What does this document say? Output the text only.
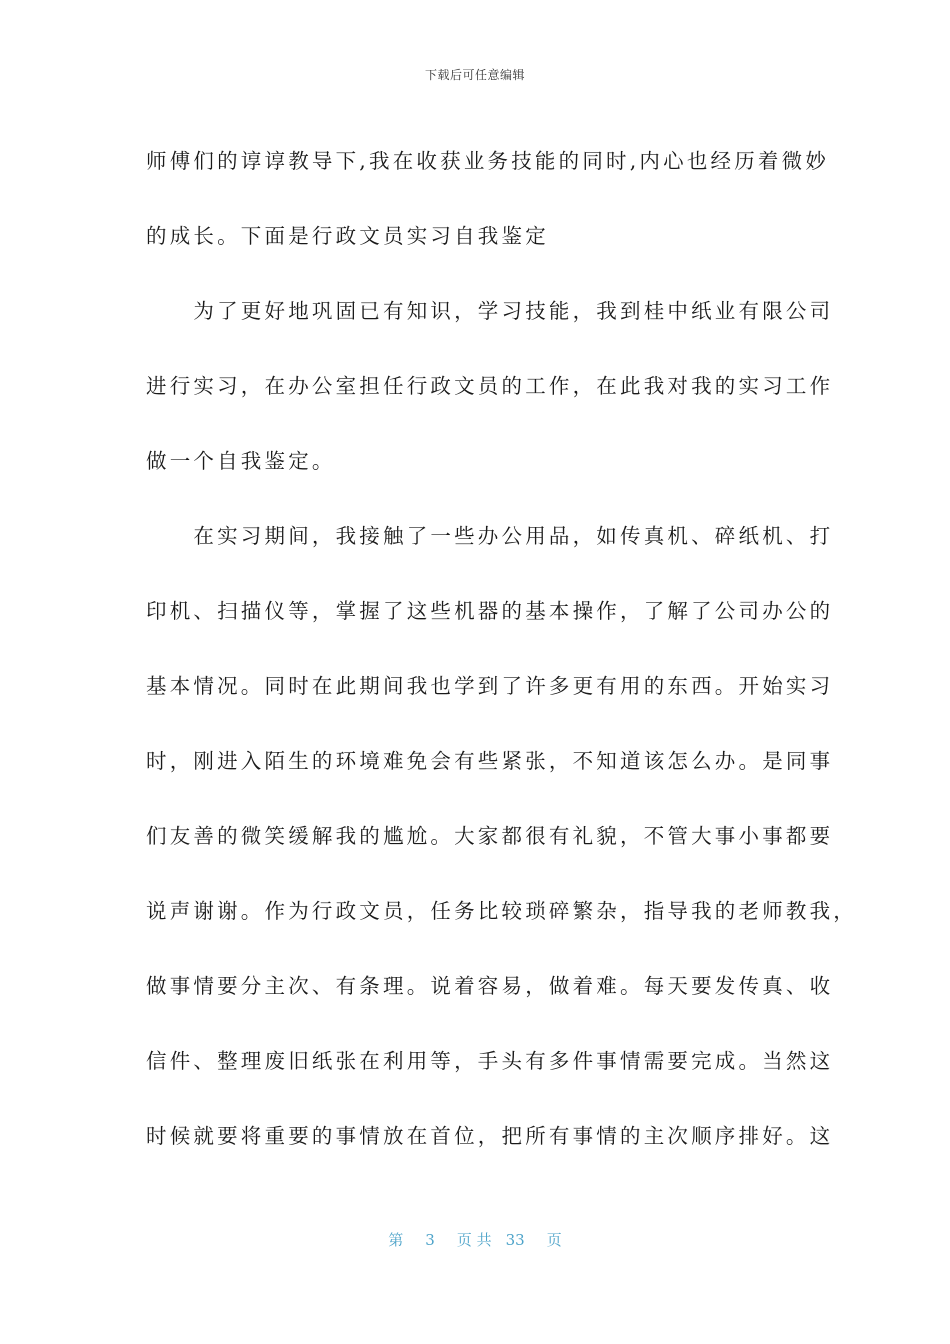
下载后可任意编辑
师傅们的谆谆教导下,我在收获业务技能的同时,内心也经历着微妙
的成长。下面是行政文员实习自我鉴定
　　为了更好地巩固已有知识，学习技能，我到桂中纸业有限公司
进行实习，在办公室担任行政文员的工作，在此我对我的实习工作
做一个自我鉴定。
　　在实习期间，我接触了一些办公用品，如传真机、碎纸机、打
印机、扫描仪等，掌握了这些机器的基本操作，了解了公司办公的
基本情况。同时在此期间我也学到了许多更有用的东西。开始实习
时，刚进入陌生的环境难免会有些紧张，不知道该怎么办。是同事
们友善的微笑缓解我的尴尬。大家都很有礼貌，不管大事小事都要
说声谢谢。作为行政文员，任务比较琐碎繁杂，指导我的老师教我，
做事情要分主次、有条理。说着容易，做着难。每天要发传真、收
信件、整理废旧纸张在利用等，手头有多件事情需要完成。当然这
时候就要将重要的事情放在首位，把所有事情的主次顺序排好。这
第 3 页 共 33 页
